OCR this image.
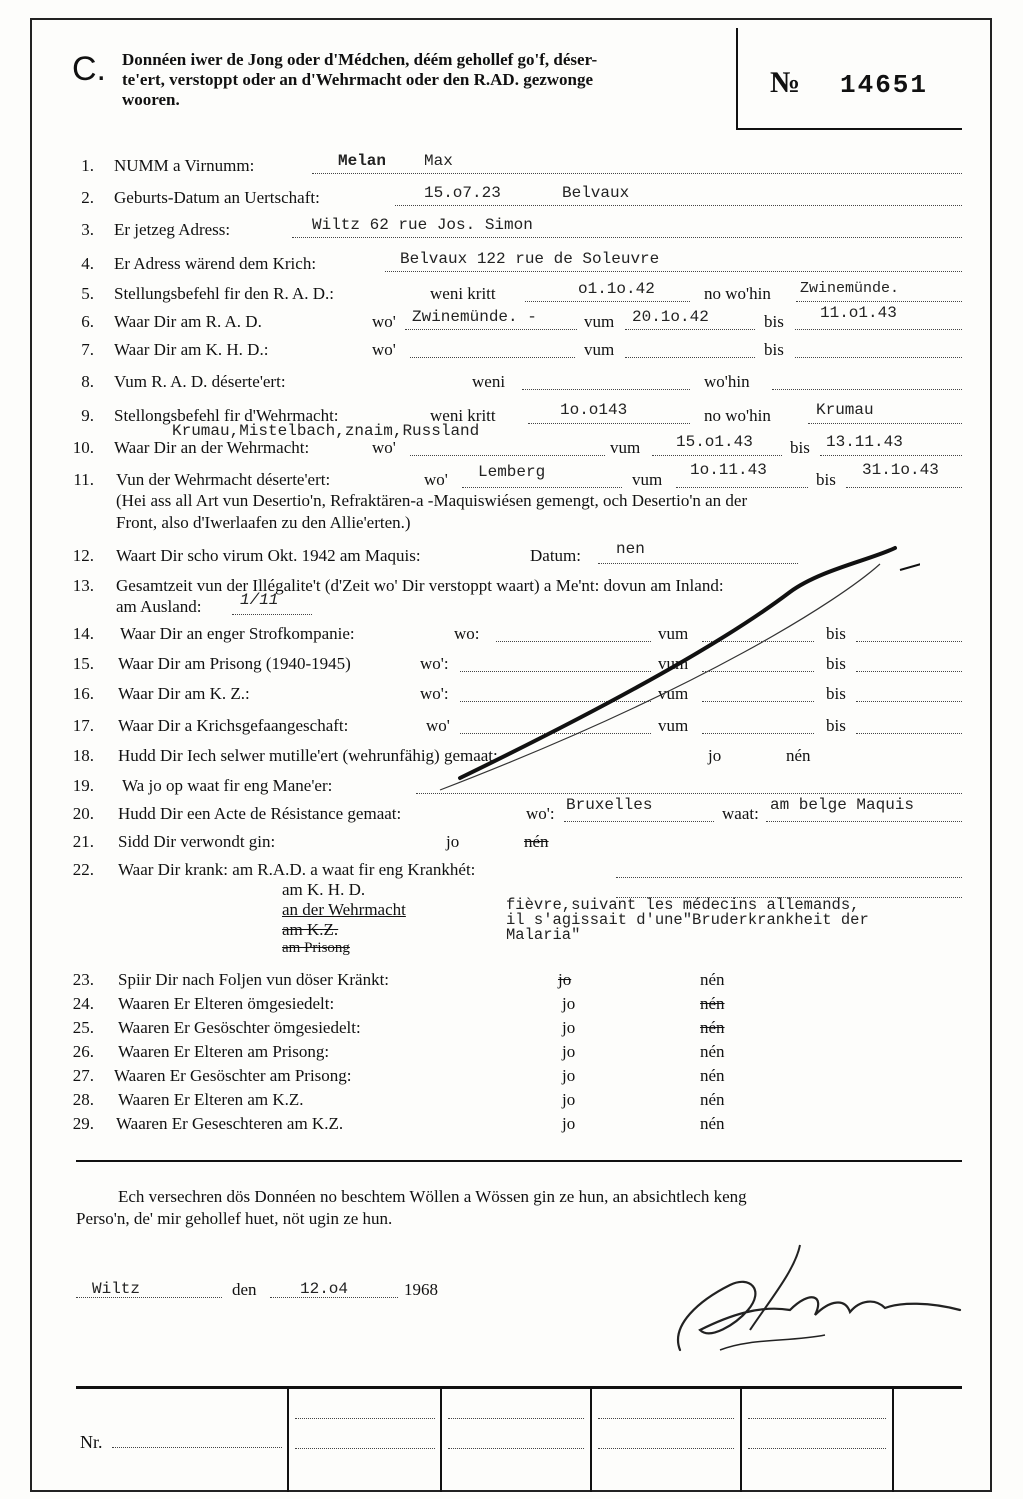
C. Donnéen iwer de Jong oder d'Médchen, déém gehollef go'f, déser-
te'ert, verstoppt oder an d'Wehrmacht oder den R.AD. gezwonge
wooren.
№ 14651
1. NUMM a Virnumm:	Melan Max
2. Geburts-Datum an Uertschaft:	15.o7.23	Belvaux
3. Er jetzeg Adress:	Wiltz 62 rue Jos. Simon
4. Er Adress wärend dem Krich:	Belvaux 122 rue de Soleuvre
5. Stellungsbefehl fir den R. A. D.:	weni kritt	o1.1o.42	no wo'hin Zwinemünde.
6. Waar Dir am R. A. D.	wo' Zwinemünde. -	vum 20.1o.42	bis 11.o1.43
7. Waar Dir am K. H. D.:	wo'	vum	bis
8. Vum R. A. D. déserte'ert:	weni	wo'hin
9. Stellongsbefehl fir d'Wehrmacht:	weni kritt	1o.o143	no wo'hin	Krumau
Krumau,Mistelbach,znaim,Russland
10. Waar Dir an der Wehrmacht:	wo'	vum 15.o1.43 bis 13.11.43
11. Vun der Wehrmacht déserte'ert:	wo' Lemberg	vum 1o.11.43	bis 31.1o.43
(Hei ass all Art vun Desertio'n, Refraktären-a -Maquiswiésen gemengt, och Desertio'n an der
Front, also d'Iwerlaafen zu den Allie'erten.)
12. Waart Dir scho virum Okt. 1942 am Maquis:	Datum: nen
13. Gesamtzeit vun der Illégalite't (d'Zeit wo' Dir verstoppt waart) a Me'nt: dovun am Inland:
am Ausland: 1/11
14. Waar Dir an enger Strofkompanie:	wo:	vum	bis
15. Waar Dir am Prisong (1940-1945)	wo':	vum	bis
16. Waar Dir am K. Z.:	wo':	vum	bis
17. Waar Dir a Krichsgefaangeschaft:	wo'	vum	bis
18. Hudd Dir Iech selwer mutille'ert (wehrunfähig) gemaat:	jo	nén
19. Wa jo op waat fir eng Mane'er:
20. Hudd Dir een Acte de Résistance gemaat:	wo': Bruxelles	waat: am belge Maquis
21. Sidd Dir verwondt gin:	jo	nén
22. Waar Dir krank: am R.A.D. a waat fir eng Krankhét:
am K. H. D.
an der Wehrmacht
am K.Z.
am Prisong
fièvre,suivant les médecins allemands,
il s'agissait d'une"Bruderkrankheit der
Malaria"
23. Spiir Dir nach Foljen vun döser Kränkt:	jo	nén
24. Waaren Er Elteren ömgesiedelt:	jo	nén
25. Waaren Er Gesöschter ömgesiedelt:	jo	nén
26. Waaren Er Elteren am Prisong:	jo	nén
27. Waaren Er Gesöschter am Prisong:	jo	nén
28. Waaren Er Elteren am K.Z.	jo	nén
29. Waaren Er Geseschteren am K.Z.	jo	nén
Ech versechren dös Donnéen no beschtem Wöllen a Wössen gin ze hun, an absichtlech keng
Perso'n, de' mir gehollef huet, nöt ugin ze hun.
Wiltz	den	12.o4	1968
Nr.
